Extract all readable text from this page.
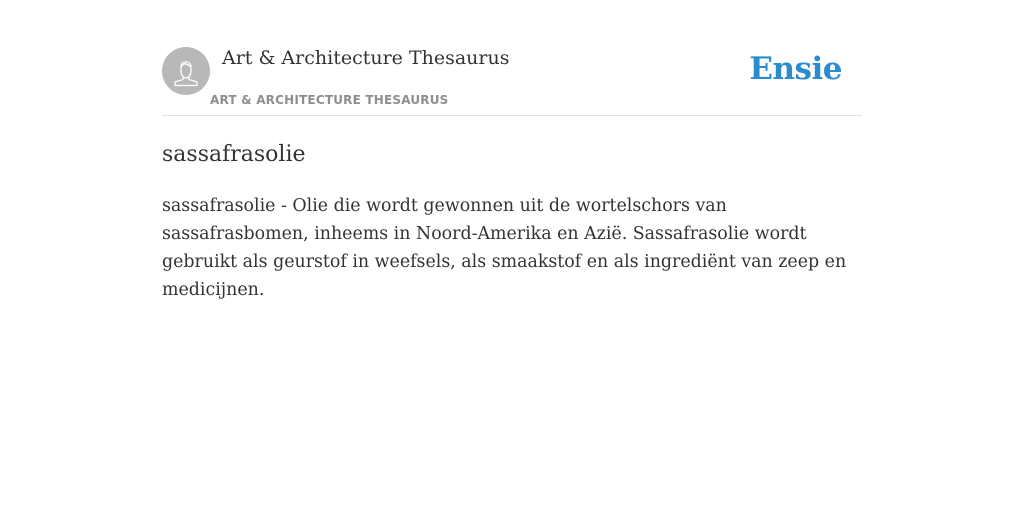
Art & Architecture Thesaurus
ART & ARCHITECTURE THESAURUS
Ensie
sassafrasolie

sassafrasolie - Olie die wordt gewonnen uit de wortelschors van sassafrasbomen, inheems in Noord-Amerika en Azië. Sassafrasolie wordt gebruikt als geurstof in weefsels, als smaakstof en als ingrediënt van zeep en medicijnen.
